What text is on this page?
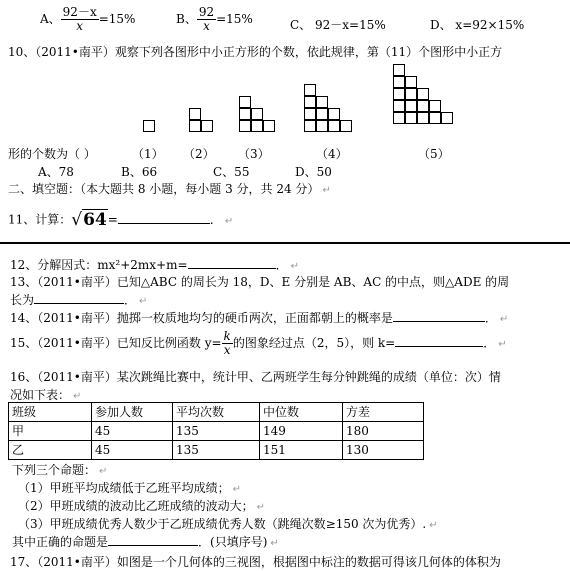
A、 $\frac{92-x}{x} =15\%$	B、 $\frac{92}{x} =15\%$	C、 92－x=15%	D、 x=92×15%
10、（2011•南平）观察下列各图形中小正方形的个数，依此规律，第（11）个图形中小正方
形的个数为（ ）	（1） （2） （3）	（4）	（5）
A、78	B、66	C、55	D、50
二、填空题：（本大题共 8 小题，每小题 3 分，共 24 分） ↵
11、计算：√64=	． ↵
12、分解因式：mx²+2mx+m=	． ↵
13、（2011•南平）已知△ABC 的周长为 18，D、E 分别是 AB、AC 的中点，则△ADE 的周
长为	． ↵
14、（2011•南平）抛掷一枚质地均匀的硬币两次，正面都朝上的概率是	． ↵
15、（2011•南平）已知反比例函数 $y= \frac{k}{x}$ 的图象经过点（2，5），则 k=	． ↵
16、（2011•南平）某次跳绳比赛中，统计甲、乙两班学生每分钟跳绳的成绩（单位：次）情
况如下表： ↵
班级	参加人数	平均次数	中位数	方差
甲	45	135	149	180
乙	45	135	151	130
下列三个命题： ↵
（1）甲班平均成绩低于乙班平均成绩； ↵
（2）甲班成绩的波动比乙班成绩的波动大； ↵
（3）甲班成绩优秀人数少于乙班成绩优秀人数（跳绳次数≥150 次为优秀）. ↵
其中正确的命题是	．(只填序号) ↵
17、（2011•南平）如图是一个几何体的三视图，根据图中标注的数据可得该几何体的体积为
